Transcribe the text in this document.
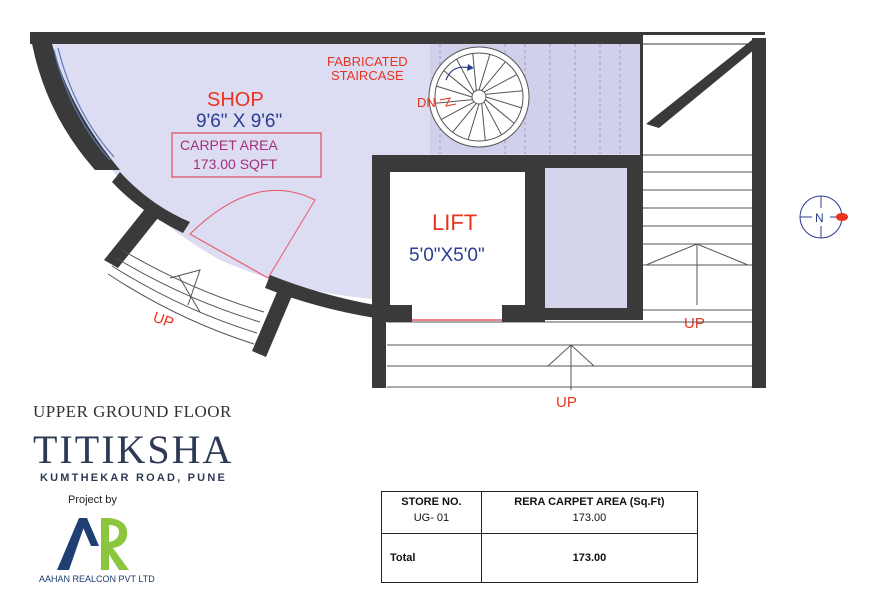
UP
FABRICATED
STAIRCASE
DN
UP
UP
SHOP
9'6" X 9'6"
CARPET AREA
173.00 SQFT
LIFT
5'0"X5'0"
N
UPPER GROUND FLOOR
TITIKSHA
KUMTHEKAR ROAD, PUNE
Project by
AAHAN REALCON PVT LTD
STORE NO.	RERA CARPET AREA (Sq.Ft)
UG- 01	173.00
Total	173.00
